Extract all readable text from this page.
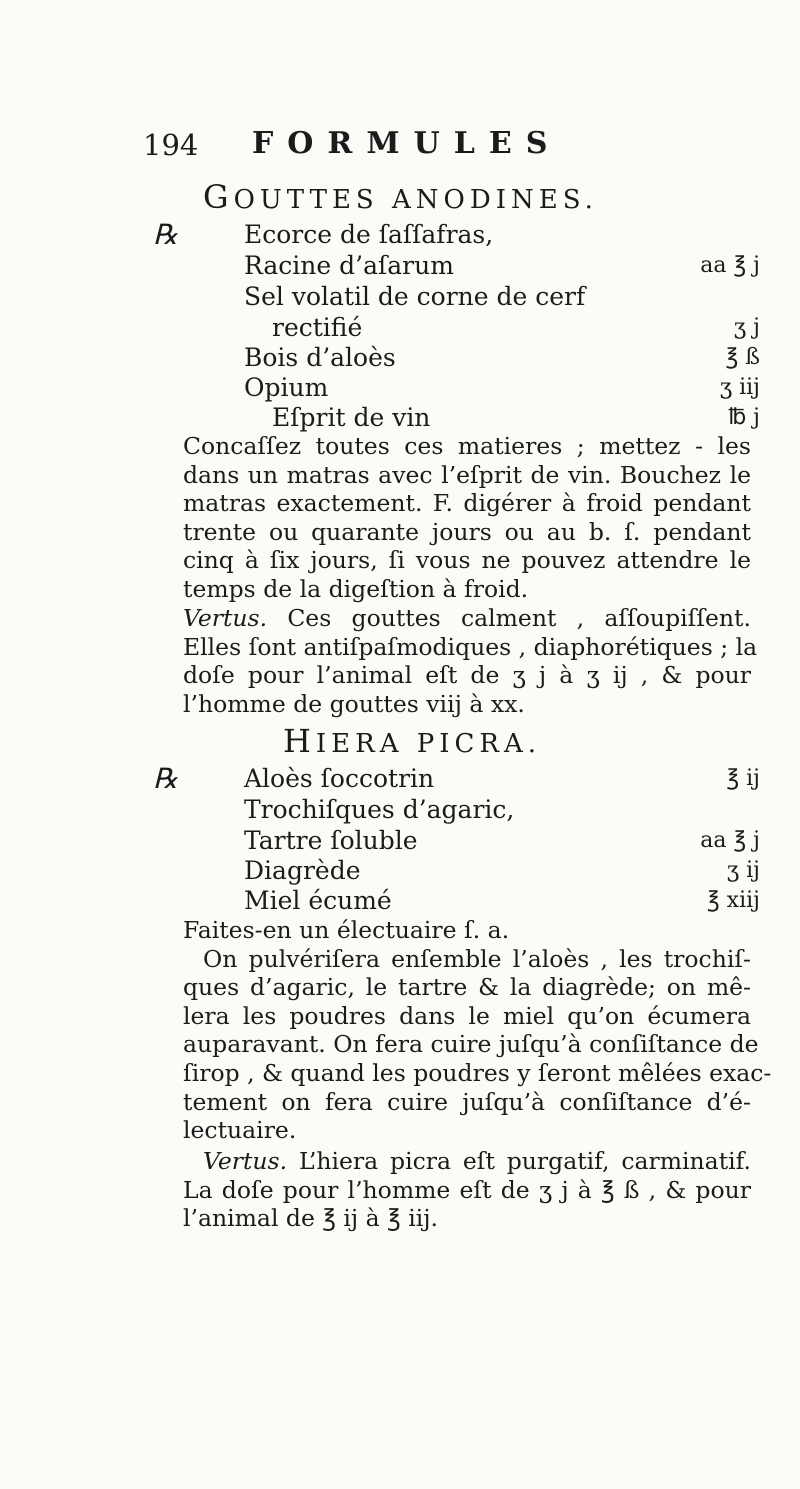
194 FORMULES
GOUTTES ANODINES.
℞	Ecorce de ſaſſafras,
Racine d’aſarum	aa ℥ j
Sel volatil de corne de cerf
rectifié	ʒ j
Bois d’aloès	℥ ß
Opium	ʒ iij
Eſprit de vin	℔ j
Concaſſez toutes ces matieres ; mettez - les
dans un matras avec l’eſprit de vin. Bouchez le
matras exactement. F. digérer à froid pendant
trente ou quarante jours ou au b. ſ. pendant
cinq à ſix jours, ſi vous ne pouvez attendre le
temps de la digeſtion à froid.
Vertus. Ces gouttes calment , aſſoupiſſent.
Elles ſont antiſpaſmodiques , diaphorétiques ; la
doſe pour l’animal eſt de ʒ j à ʒ ij , & pour
l’homme de gouttes viij à xx.
HIERA PICRA.
℞	Aloès ſoccotrin	℥ ij
Trochiſques d’agaric,
Tartre ſoluble	aa ℥ j
Diagrède	ʒ ij
Miel écumé	℥ xiij
Faites-en un électuaire ſ. a.
On pulvériſera enſemble l’aloès , les trochiſ-
ques d’agaric, le tartre & la diagrède; on mê-
lera les poudres dans le miel qu’on écumera
auparavant. On fera cuire juſqu’à conſiſtance de
ſirop , & quand les poudres y ſeront mêlées exac-
tement on fera cuire juſqu’à conſiſtance d’é-
lectuaire.
Vertus. L’hiera picra eſt purgatif, carminatif.
La doſe pour l’homme eſt de ʒ j à ℥ ß , & pour
l’animal de ℥ ij à ℥ iij.
